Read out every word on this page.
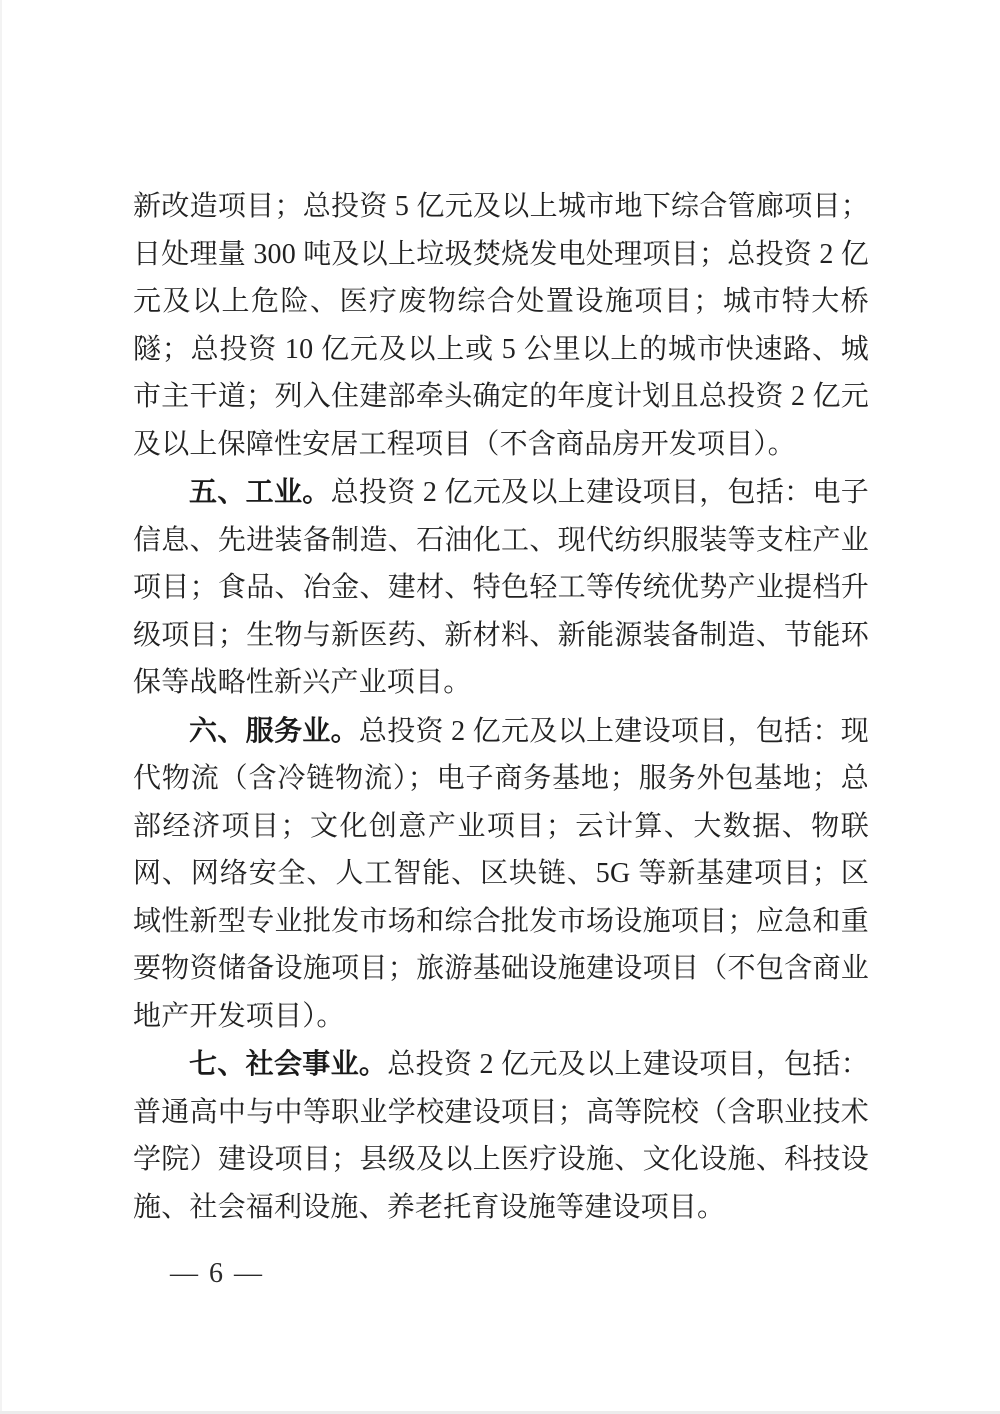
新改造项目；总投资 5 亿元及以上城市地下综合管廊项目；日处理量 300 吨及以上垃圾焚烧发电处理项目；总投资 2 亿元及以上危险、医疗废物综合处置设施项目；城市特大桥隧；总投资 10 亿元及以上或 5 公里以上的城市快速路、城市主干道；列入住建部牵头确定的年度计划且总投资 2 亿元及以上保障性安居工程项目（不含商品房开发项目）。

五、工业。总投资 2 亿元及以上建设项目，包括：电子信息、先进装备制造、石油化工、现代纺织服装等支柱产业项目；食品、冶金、建材、特色轻工等传统优势产业提档升级项目；生物与新医药、新材料、新能源装备制造、节能环保等战略性新兴产业项目。

六、服务业。总投资 2 亿元及以上建设项目，包括：现代物流（含冷链物流）；电子商务基地；服务外包基地；总部经济项目；文化创意产业项目；云计算、大数据、物联网、网络安全、人工智能、区块链、5G 等新基建项目；区域性新型专业批发市场和综合批发市场设施项目；应急和重要物资储备设施项目；旅游基础设施建设项目（不包含商业地产开发项目）。

七、社会事业。总投资 2 亿元及以上建设项目，包括：普通高中与中等职业学校建设项目；高等院校（含职业技术学院）建设项目；县级及以上医疗设施、文化设施、科技设施、社会福利设施、养老托育设施等建设项目。

— 6 —
